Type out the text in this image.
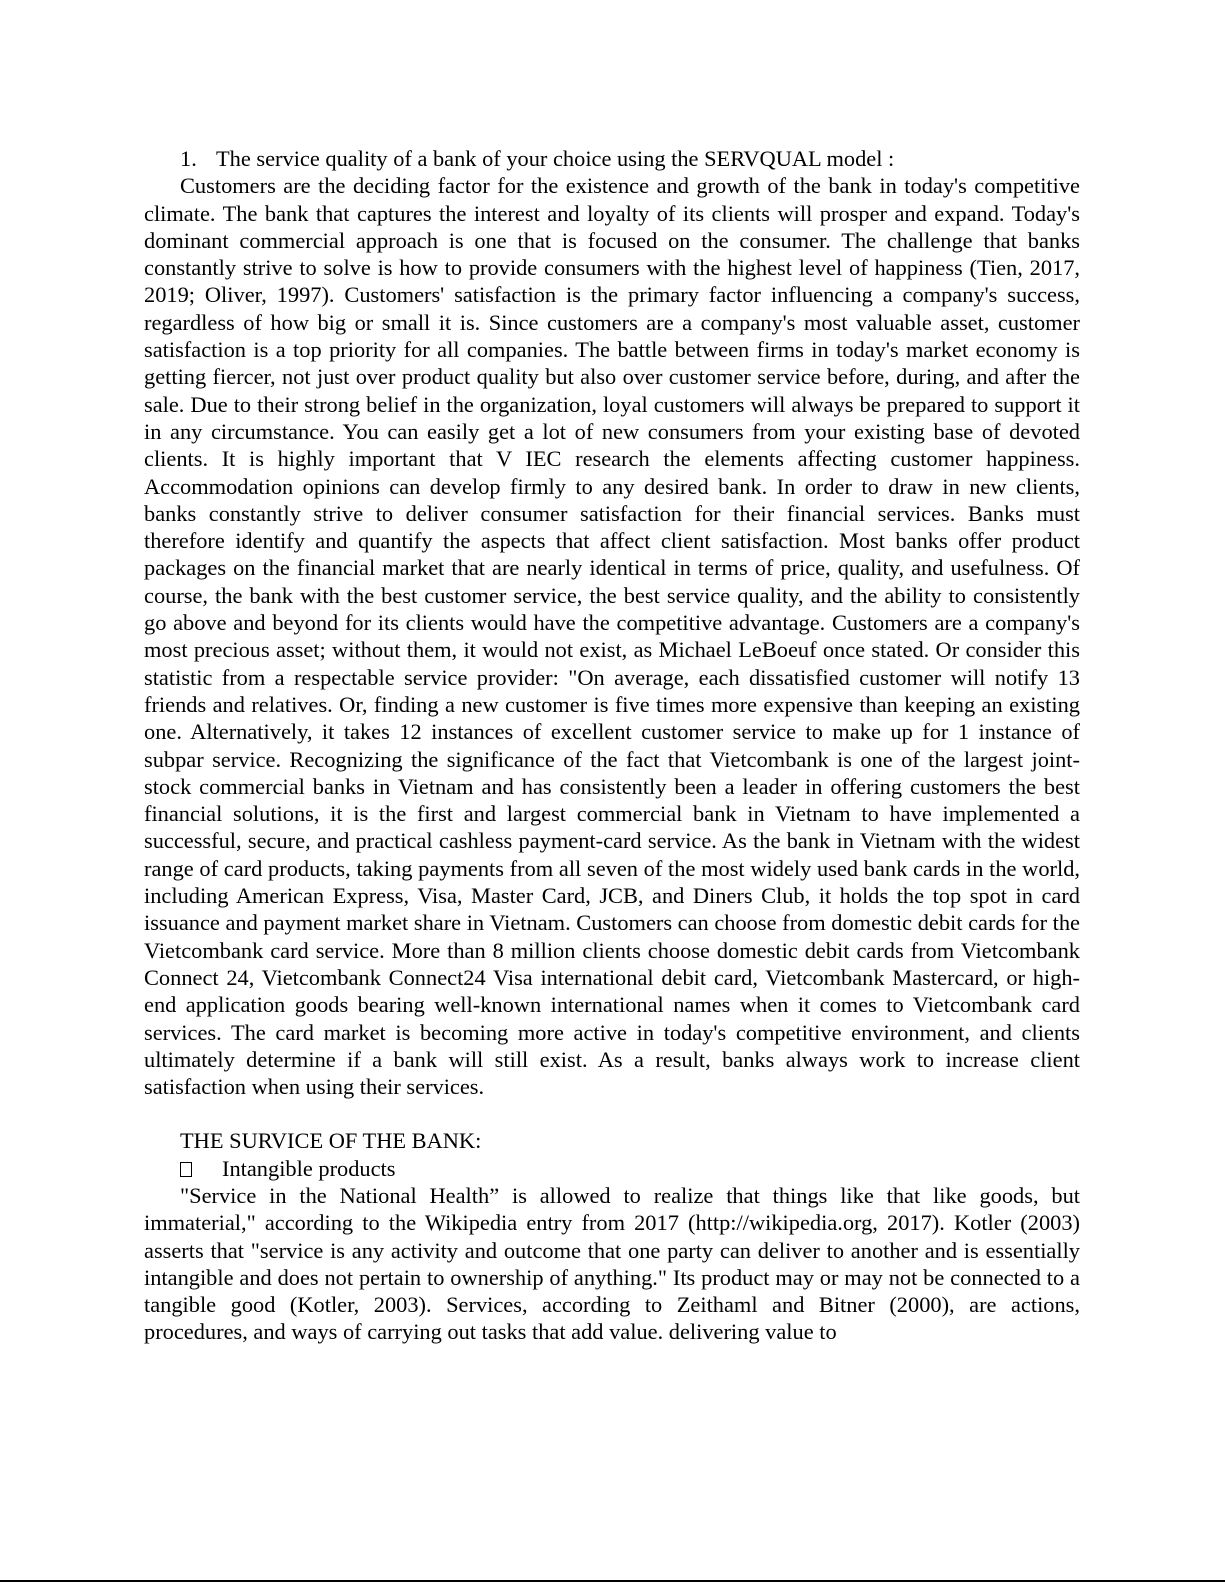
1. The service quality of a bank of your choice using the SERVQUAL model :

Customers are the deciding factor for the existence and growth of the bank in today's competitive climate. The bank that captures the interest and loyalty of its clients will prosper and expand. Today's dominant commercial approach is one that is focused on the consumer. The challenge that banks constantly strive to solve is how to provide consumers with the highest level of happiness (Tien, 2017, 2019; Oliver, 1997). Customers' satisfaction is the primary factor influencing a company's success, regardless of how big or small it is. Since customers are a company's most valuable asset, customer satisfaction is a top priority for all companies. The battle between firms in today's market economy is getting fiercer, not just over product quality but also over customer service before, during, and after the sale. Due to their strong belief in the organization, loyal customers will always be prepared to support it in any circumstance. You can easily get a lot of new consumers from your existing base of devoted clients. It is highly important that V IEC research the elements affecting customer happiness. Accommodation opinions can develop firmly to any desired bank. In order to draw in new clients, banks constantly strive to deliver consumer satisfaction for their financial services. Banks must therefore identify and quantify the aspects that affect client satisfaction. Most banks offer product packages on the financial market that are nearly identical in terms of price, quality, and usefulness. Of course, the bank with the best customer service, the best service quality, and the ability to consistently go above and beyond for its clients would have the competitive advantage. Customers are a company's most precious asset; without them, it would not exist, as Michael LeBoeuf once stated. Or consider this statistic from a respectable service provider: "On average, each dissatisfied customer will notify 13 friends and relatives. Or, finding a new customer is five times more expensive than keeping an existing one. Alternatively, it takes 12 instances of excellent customer service to make up for 1 instance of subpar service. Recognizing the significance of the fact that Vietcombank is one of the largest joint-stock commercial banks in Vietnam and has consistently been a leader in offering customers the best financial solutions, it is the first and largest commercial bank in Vietnam to have implemented a successful, secure, and practical cashless payment-card service. As the bank in Vietnam with the widest range of card products, taking payments from all seven of the most widely used bank cards in the world, including American Express, Visa, Master Card, JCB, and Diners Club, it holds the top spot in card issuance and payment market share in Vietnam. Customers can choose from domestic debit cards for the Vietcombank card service. More than 8 million clients choose domestic debit cards from Vietcombank Connect 24, Vietcombank Connect24 Visa international debit card, Vietcombank Mastercard, or high-end application goods bearing well-known international names when it comes to Vietcombank card services. The card market is becoming more active in today's competitive environment, and clients ultimately determine if a bank will still exist. As a result, banks always work to increase client satisfaction when using their services.

THE SURVICE OF THE BANK:
Intangible products

"Service in the National Health” is allowed to realize that things like that like goods, but immaterial," according to the Wikipedia entry from 2017 (http://wikipedia.org, 2017). Kotler (2003) asserts that "service is any activity and outcome that one party can deliver to another and is essentially intangible and does not pertain to ownership of anything." Its product may or may not be connected to a tangible good (Kotler, 2003). Services, according to Zeithaml and Bitner (2000), are actions, procedures, and ways of carrying out tasks that add value. delivering value to
